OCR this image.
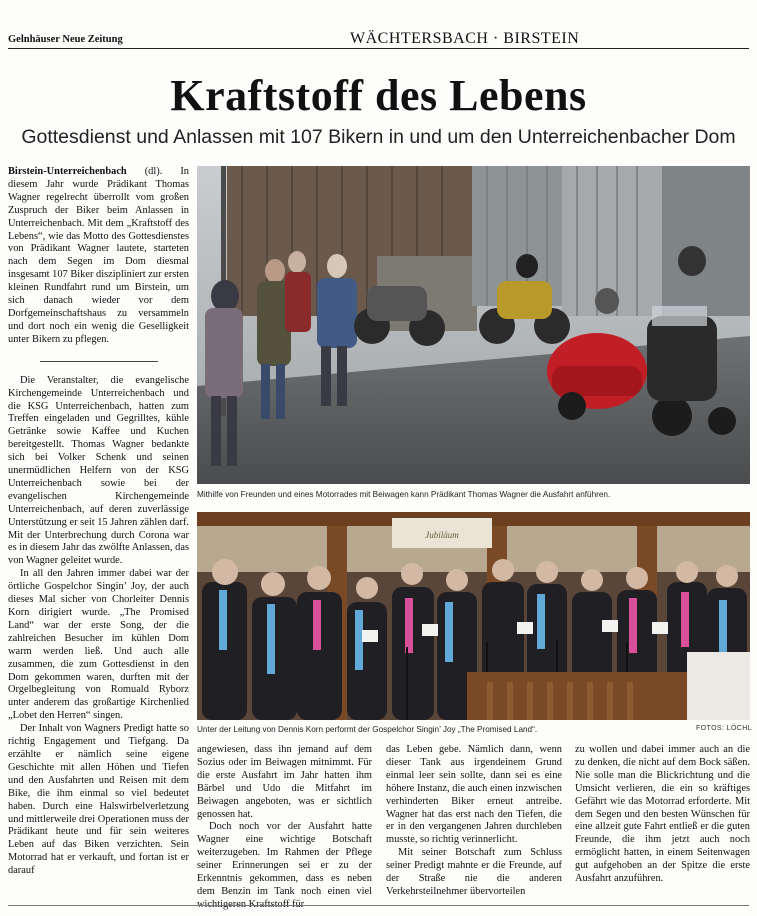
Gelnhäuser Neue Zeitung	WÄCHTERSBACH · BIRSTEIN
Kraftstoff des Lebens
Gottesdienst und Anlassen mit 107 Bikern in und um den Unterreichenbacher Dom

Birstein-Unterreichenbach (dl). In diesem Jahr wurde Prädikant Thomas Wagner regelrecht überrollt vom großen Zuspruch der Biker beim Anlassen in Unterreichenbach. Mit dem „Kraftstoff des Lebens“, wie das Motto des Gottesdienstes von Prädikant Wagner lautete, starteten nach dem Segen im Dom diesmal insgesamt 107 Biker diszipliniert zur ersten kleinen Rundfahrt rund um Birstein, um sich danach wieder vor dem Dorfgemeinschaftshaus zu versammeln und dort noch ein wenig die Geselligkeit unter Bikern zu pflegen.

Die Veranstalter, die evangelische Kirchengemeinde Unterreichenbach und die KSG Unterreichenbach, hatten zum Treffen eingeladen und Gegrilltes, kühle Getränke sowie Kaffee und Kuchen bereitgestellt. Thomas Wagner bedankte sich bei Volker Schenk und seinen unermüdlichen Helfern von der KSG Unterreichenbach sowie bei der evangelischen Kirchengemeinde Unterreichenbach, auf deren zuverlässige Unterstützung er seit 15 Jahren zählen darf. Mit der Unterbrechung durch Corona war es in diesem Jahr das zwölfte Anlassen, das von Wagner geleitet wurde.

In all den Jahren immer dabei war der örtliche Gospelchor Singin’ Joy, der auch dieses Mal sicher von Chorleiter Dennis Korn dirigiert wurde. „The Promised Land“ war der erste Song, der die zahlreichen Besucher im kühlen Dom warm werden ließ. Und auch alle zusammen, die zum Gottesdienst in den Dom gekommen waren, durften mit der Orgelbegleitung von Romuald Ryborz unter anderem das großartige Kirchenlied „Lobet den Herren“ singen.

Der Inhalt von Wagners Predigt hatte so richtig Engagement und Tiefgang. Da erzählte er nämlich seine eigene Geschichte mit allen Höhen und Tiefen und den Ausfahrten und Reisen mit dem Bike, die ihm einmal so viel bedeutet haben. Durch eine Halswirbelverletzung und mittlerweile drei Operationen muss der Prädikant heute und für sein weiteres Leben auf das Biken verzichten. Sein Motorrad hat er verkauft, und fortan ist er darauf

Mithilfe von Freunden und eines Motorrades mit Beiwagen kann Prädikant Thomas Wagner die Ausfahrt anführen.
Jubiläum
Unter der Leitung von Dennis Korn performt der Gospelchor Singin’ Joy „The Promised Land“.	FOTOS: LÖCHL

angewiesen, dass ihn jemand auf dem Sozius oder im Beiwagen mitnimmt. Für die erste Ausfahrt im Jahr hatten ihm Bärbel und Udo die Mitfahrt im Beiwagen angeboten, was er sichtlich genossen hat.

Doch noch vor der Ausfahrt hatte Wagner eine wichtige Botschaft weiterzugeben. Im Rahmen der Pflege seiner Erinnerungen sei er zu der Erkenntnis gekommen, dass es neben dem Benzin im Tank noch einen viel

das Leben gebe. Nämlich dann, wenn dieser Tank aus irgendeinem Grund einmal leer sein sollte, dann sei es eine höhere Instanz, die auch einen inzwischen verhinderten Biker erneut antreibe. Wagner hat das erst nach den Tiefen, die er in den vergangenen Jahren durchleben musste, so richtig verinnerlicht.

Mit seiner Botschaft zum Schluss seiner Predigt mahnte er die Freunde, auf der Straße nie die anderen Verkehrsteilnehmer übervorteilen

zu wollen und dabei immer auch an die zu denken, die nicht auf dem Bock säßen. Nie solle man die Blickrichtung und die Umsicht verlieren, die ein so kräftiges Gefährt wie das Motorrad erforderte. Mit dem Segen und den besten Wünschen für eine allzeit gute Fahrt entließ er die guten Freunde, die ihm jetzt auch noch ermöglicht hatten, in einem Seitenwagen gut aufgehoben an der Spitze die erste Ausfahrt anzuführen.
